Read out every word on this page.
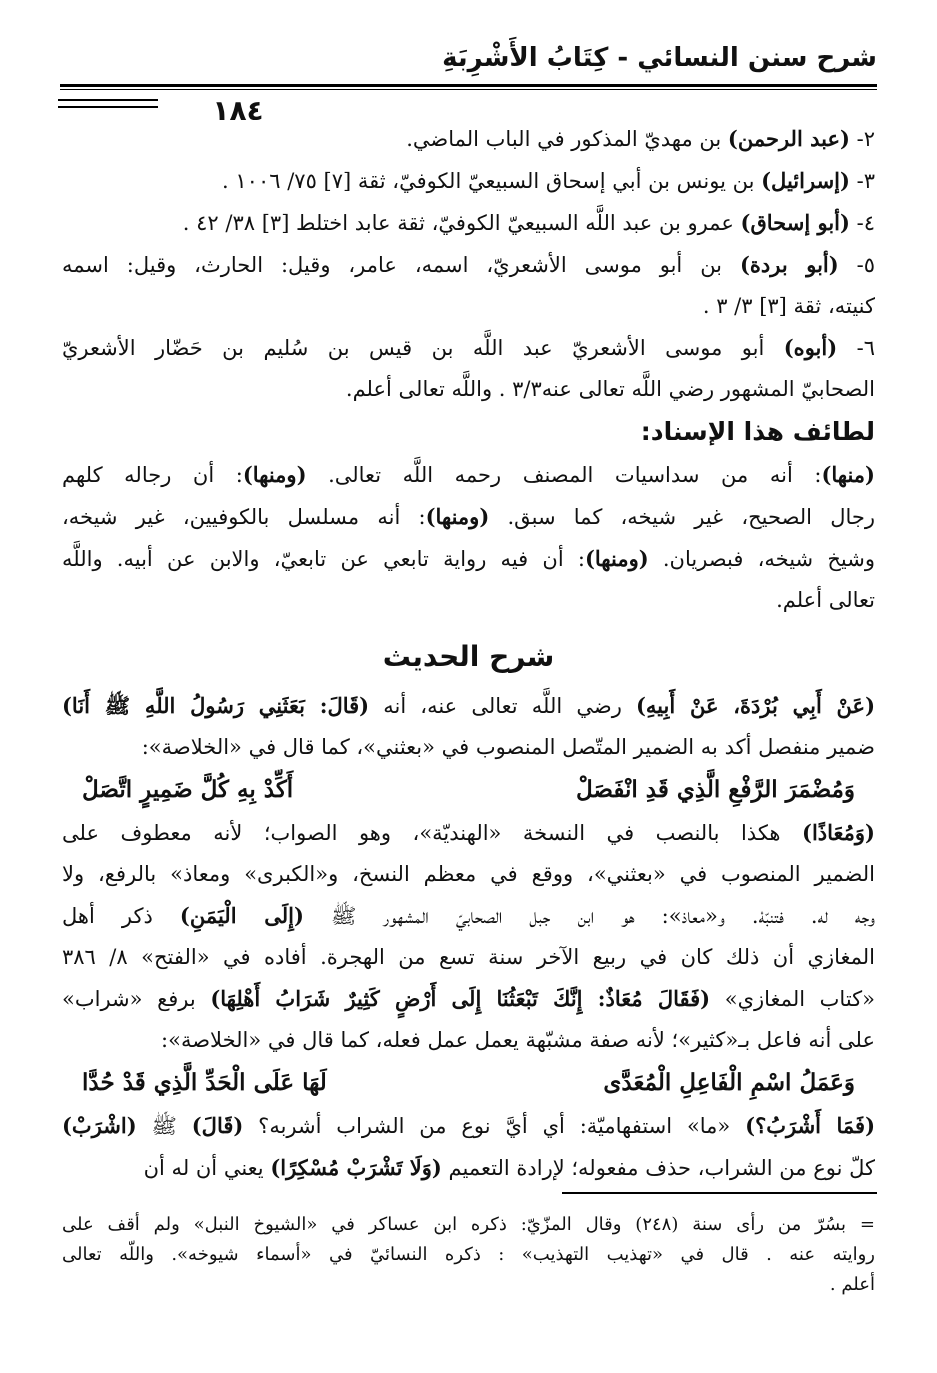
شرح سنن النسائي - كِتَابُ الأَشْرِبَةِ
١٨٤
٢- (عبد الرحمن) بن مهديّ المذكور في الباب الماضي.
٣- (إسرائيل) بن يونس بن أبي إسحاق السبيعيّ الكوفيّ، ثقة [٧] ٧٥/ ١٠٠٦ .
٤- (أبو إسحاق) عمرو بن عبد اللَّه السبيعيّ الكوفيّ، ثقة عابد اختلط [٣] ٣٨/ ٤٢ .
٥- (أبو بردة) بن أبو موسى الأشعريّ، اسمه، عامر، وقيل: الحارث، وقيل: اسمه
كنيته، ثقة [٣] ٣/ ٣ .
٦- (أبوه) أبو موسى الأشعريّ عبد اللَّه بن قيس بن سُليم بن حَضّار الأشعريّ
الصحابيّ المشهور رضي اللَّه تعالى عنه٣/٣ . واللَّه تعالى أعلم.
لطائف هذا الإسناد:
(منها): أنه من سداسيات المصنف رحمه اللَّه تعالى. (ومنها): أن رجاله كلهم
رجال الصحيح، غير شيخه، كما سبق. (ومنها): أنه مسلسل بالكوفيين، غير شيخه،
وشيخ شيخه، فبصريان. (ومنها): أن فيه رواية تابعي عن تابعيّ، والابن عن أبيه. واللَّه
تعالى أعلم.
شرح الحديث
(عَنْ أَبِي بُرْدَةَ، عَنْ أَبِيهِ) رضي اللَّه تعالى عنه، أنه (قَالَ: بَعَثَنِي رَسُولُ اللَّهِ ﷺ أَنَا)
ضمير منفصل أكد به الضمير المتّصل المنصوب في «بعثني»، كما قال في «الخلاصة»:
وَمُضْمَرَ الرَّفْعِ الَّذِي قَدِ انْفَصَلْ
أَكِّدْ بِهِ كُلَّ ضَمِيرٍ اتَّصَلْ
(وَمُعَاذًا) هكذا بالنصب في النسخة «الهنديّة»، وهو الصواب؛ لأنه معطوف على
الضمير المنصوب في «بعثني»، ووقع في معظم النسخ، و«الكبرى» ومعاذ» بالرفع، ولا
وجه له. فتنبّهْ. و«معاذ»: هو ابن جبل الصحابيّ المشهور ﷺ (إِلَى الْيَمَنِ) ذكر أهل
المغازي أن ذلك كان في ربيع الآخر سنة تسع من الهجرة. أفاده في «الفتح» ٨/ ٣٨٦
«كتاب المغازي» (فَقَالَ مُعَاذٌ: إِنَّكَ تَبْعَثُنَا إِلَى أَرْضٍ كَثِيرٌ شَرَابُ أَهْلِهَا) برفع «شراب»
على أنه فاعل بـ«كثير»؛ لأنه صفة مشبّهة يعمل عمل فعله، كما قال في «الخلاصة»:
وَعَمَلُ اسْمِ الْفَاعِلِ الْمُعَدَّى
لَهَا عَلَى الْحَدِّ الَّذِي قَدْ حُدَّا
(فَمَا أَشْرَبُ؟) «ما» استفهاميّة: أي أيَّ نوع من الشراب أشربه؟ (قَالَ) ﷺ (اشْرَبْ)
كلّ نوع من الشراب، حذف مفعوله؛ لإرادة التعميم (وَلَا تَشْرَبْ مُسْكِرًا) يعني أن له أن
= بسُرّ من رأى سنة (٢٤٨) وقال المزّيّ: ذكره ابن عساكر في «الشيوخ النبل» ولم أقف على
روايته عنه . قال في «تهذيب التهذيب» : ذكره النسائيّ في «أسماء شيوخه». واللَّه تعالى
أعلم .
